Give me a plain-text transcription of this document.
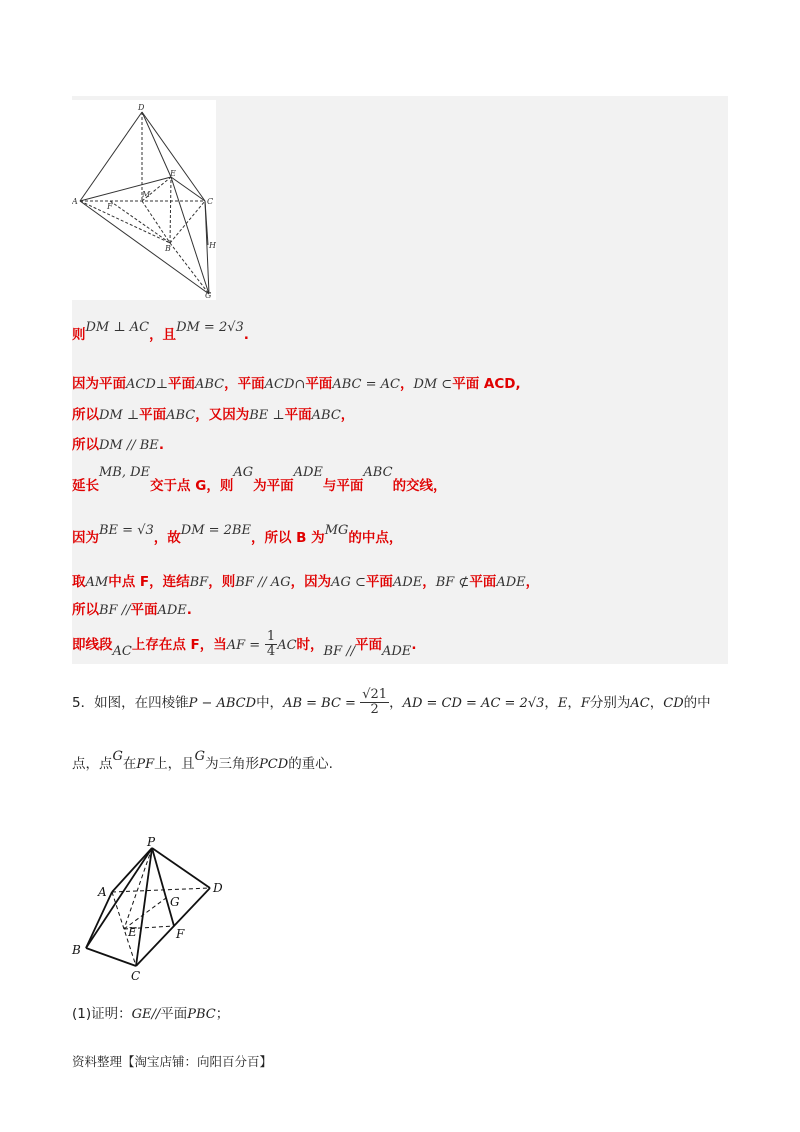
D
E
A
M
C
F
B	H
G
则DM ⊥ AC，且DM = 2√3.
因为平面ACD⊥平面ABC，平面ACD∩平面ABC = AC，DM ⊂平面 ACD,
所以DM ⊥平面ABC，又因为BE ⊥平面ABC，
所以DM // BE.
延长MB, DE交于点 G，则AG为平面ADE与平面ABC的交线，
因为BE = √3，故DM = 2BE，所以 B 为MG的中点，
取AM中点 F，连结BF，则BF // AG，因为AG ⊂平面ADE，BF ⊄平面ADE，
所以BF //平面ADE.
即线段AC上存在点 F，当AF = $\frac{1}{4}$ AC时，BF //平面ADE.
5．如图，在四棱锥P − ABCD中，AB = BC = $\frac{√21}{2}$ ，AD = CD = AC = 2√3，E，F分别为AC，CD的中
点，点G在PF上，且G为三角形PCD的重心.
P
A	D
G
E	F
B
C
(1)证明：GE//平面PBC；
资料整理【淘宝店铺：向阳百分百】
